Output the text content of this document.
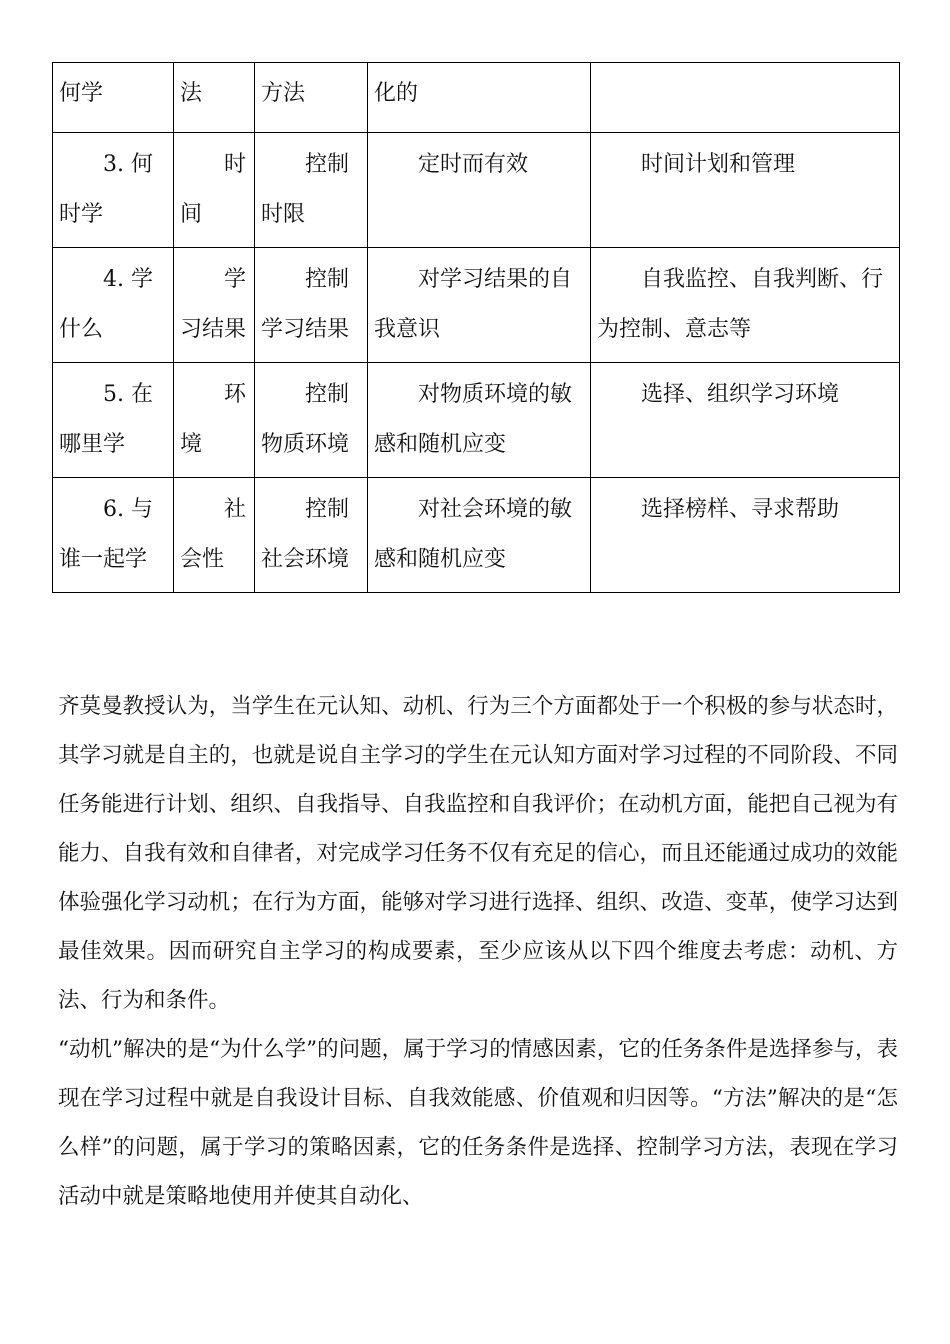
何学	法	方法	化的	

3. 何时学	时间	控制时限	定时而有效	时间计划和管理

4. 学什么	学习结果	控制学习结果	对学习结果的自我意识	自我监控、自我判断、行为控制、意志等

5. 在哪里学	环境	控制物质环境	对物质环境的敏感和随机应变	选择、组织学习环境

6. 与谁一起学	社会性	控制社会环境	对社会环境的敏感和随机应变	选择榜样、寻求帮助

齐莫曼教授认为，当学生在元认知、动机、行为三个方面都处于一个积极的参与状态时，其学习就是自主的，也就是说自主学习的学生在元认知方面对学习过程的不同阶段、不同任务能进行计划、组织、自我指导、自我监控和自我评价；在动机方面，能把自己视为有能力、自我有效和自律者，对完成学习任务不仅有充足的信心，而且还能通过成功的效能体验强化学习动机；在行为方面，能够对学习进行选择、组织、改造、变革，使学习达到最佳效果。因而研究自主学习的构成要素，至少应该从以下四个维度去考虑：动机、方法、行为和条件。

“动机”解决的是“为什么学”的问题，属于学习的情感因素，它的任务条件是选择参与，表现在学习过程中就是自我设计目标、自我效能感、价值观和归因等。“方法”解决的是“怎么样”的问题，属于学习的策略因素，它的任务条件是选择、控制学习方法，表现在学习活动中就是策略地使用并使其自动化、
